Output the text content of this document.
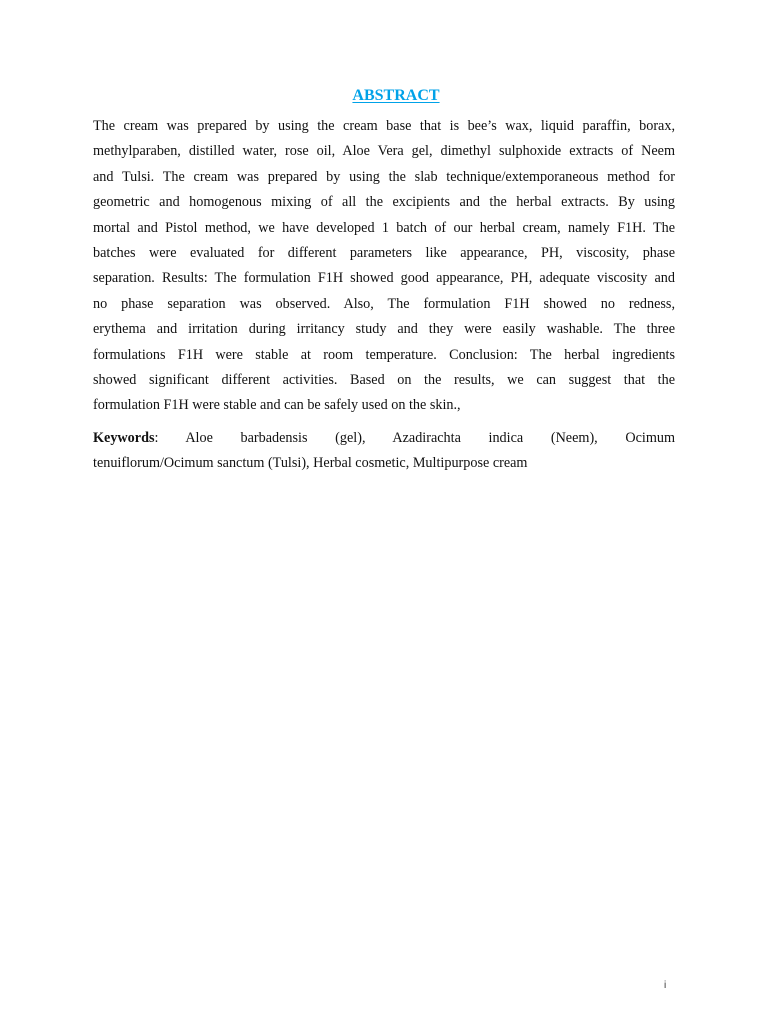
ABSTRACT
The cream was prepared by using the cream base that is bee’s wax, liquid paraffin, borax,
methylparaben, distilled water, rose oil, Aloe Vera gel, dimethyl sulphoxide extracts of Neem
and Tulsi. The cream was prepared by using the slab technique/extemporaneous method for
geometric and homogenous mixing of all the excipients and the herbal extracts. By using
mortal and Pistol method, we have developed 1 batch of our herbal cream, namely F1H. The
batches were evaluated for different parameters like appearance, PH, viscosity, phase
separation. Results: The formulation F1H showed good appearance, PH, adequate viscosity and
no phase separation was observed. Also, The formulation F1H showed no redness,
erythema and irritation during irritancy study and they were easily washable. The three
formulations F1H were stable at room temperature. Conclusion: The herbal ingredients
showed significant different activities. Based on the results, we can suggest that the
formulation F1H were stable and can be safely used on the skin.,
Keywords: Aloe barbadensis (gel), Azadirachta indica (Neem), Ocimum
tenuiflorum/Ocimum sanctum (Tulsi), Herbal cosmetic, Multipurpose cream
i
